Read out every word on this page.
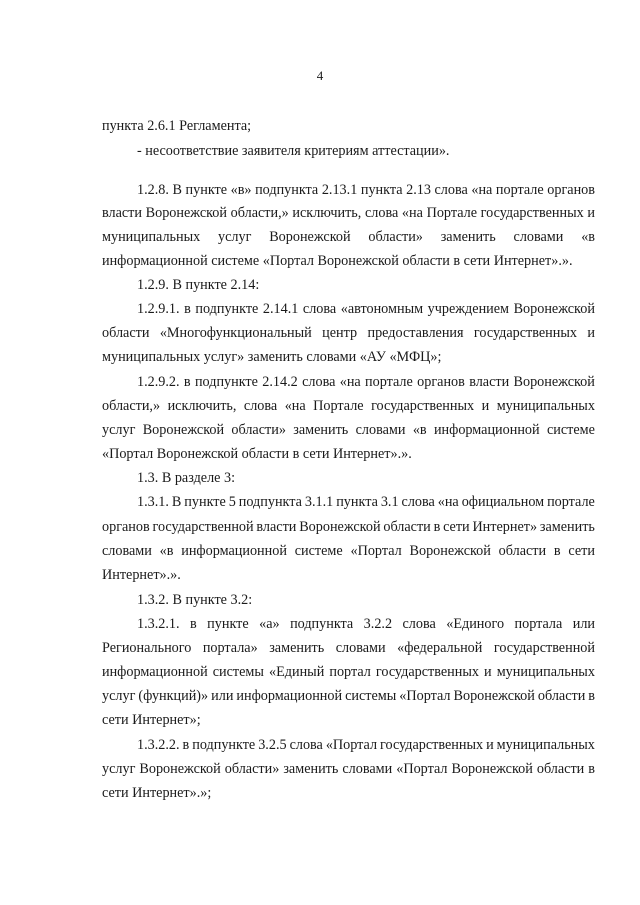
4
пункта 2.6.1 Регламента;
- несоответствие заявителя критериям аттестации».
1.2.8. В пункте «в» подпункта 2.13.1 пункта 2.13 слова «на портале органов
власти Воронежской области,» исключить, слова «на Портале государственных и
муниципальных услуг Воронежской области» заменить словами «в
информационной системе «Портал Воронежской области в сети Интернет».».
1.2.9. В пункте 2.14:
1.2.9.1. в подпункте 2.14.1 слова «автономным учреждением Воронежской
области «Многофункциональный центр предоставления государственных и
муниципальных услуг» заменить словами «АУ «МФЦ»;
1.2.9.2. в подпункте 2.14.2 слова «на портале органов власти Воронежской
области,» исключить, слова «на Портале государственных и муниципальных
услуг Воронежской области» заменить словами «в информационной системе
«Портал Воронежской области в сети Интернет».».
1.3. В разделе 3:
1.3.1. В пункте 5 подпункта 3.1.1 пункта 3.1 слова «на официальном портале
органов государственной власти Воронежской области в сети Интернет» заменить
словами «в информационной системе «Портал Воронежской области в сети
Интернет».».
1.3.2. В пункте 3.2:
1.3.2.1. в пункте «а» подпункта 3.2.2 слова «Единого портала или
Регионального портала» заменить словами «федеральной государственной
информационной системы «Единый портал государственных и муниципальных
услуг (функций)» или информационной системы «Портал Воронежской области в
сети Интернет»;
1.3.2.2. в подпункте 3.2.5 слова «Портал государственных и муниципальных
услуг Воронежской области» заменить словами «Портал Воронежской области в
сети Интернет».»;
